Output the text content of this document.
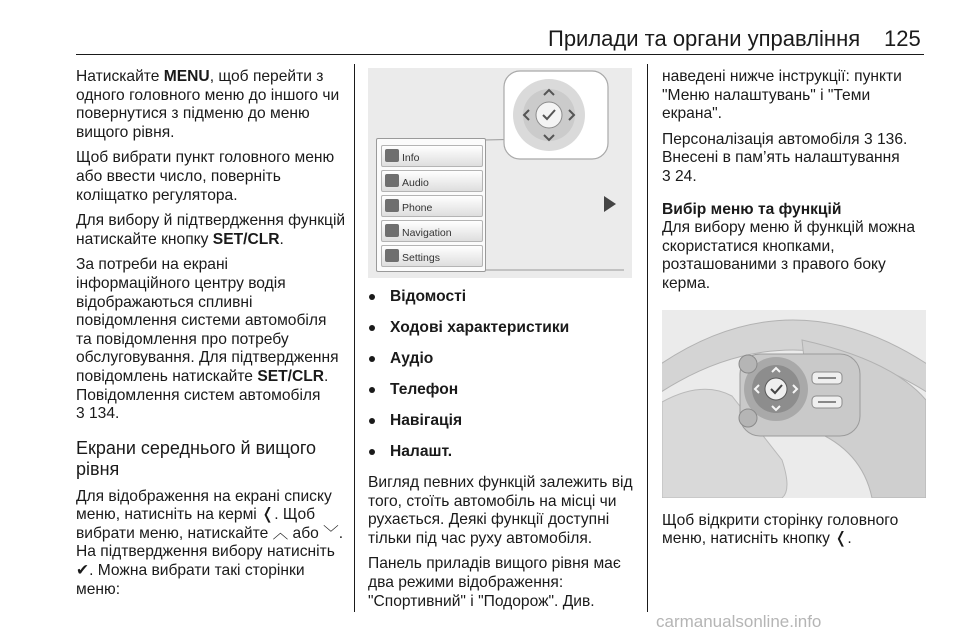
Прилади та органи управління 125

Натискайте MENU, щоб перейти з одного головного меню до іншого чи повернутися з підменю до меню вищого рівня.

Щоб вибрати пункт головного меню або ввести число, поверніть коліщатко регулятора.

Для вибору й підтвердження функцій натискайте кнопку SET/CLR.

За потреби на екрані інформаційного центру водія відображаються спливні повідомлення системи автомобіля та повідомлення про потребу обслуговування. Для підтвердження повідомлень натискайте SET/CLR.

Повідомлення систем автомобіля
3 134.
Екрани середнього й вищого рівня

Для відображення на екрані списку меню, натисніть на кермі ❬. Щоб вибрати меню, натискайте ︿ або ﹀. На підтвердження вибору натисніть ✔. Можна вибрати такі сторінки меню:

Info
Audio
Phone
Navigation
Settings
Відомості
Ходові характеристики
Аудіо
Телефон
Навігація
Налашт.

Вигляд певних функцій залежить від того, стоїть автомобіль на місці чи рухається. Деякі функції доступні тільки під час руху автомобіля.

Панель приладів вищого рівня має два режими відображення: "Спортивний" і "Подорож". Див.

наведені нижче інструкції: пункти "Меню налаштувань" і "Теми екрана".

Персоналізація автомобіля 3 136. Внесені в пам’ять налаштування
3 24.

Вибір меню та функцій

Для вибору меню й функцій можна скористатися кнопками, розташованими з правого боку керма.

Щоб відкрити сторінку головного меню, натисніть кнопку ❬.

carmanualsonline.info
